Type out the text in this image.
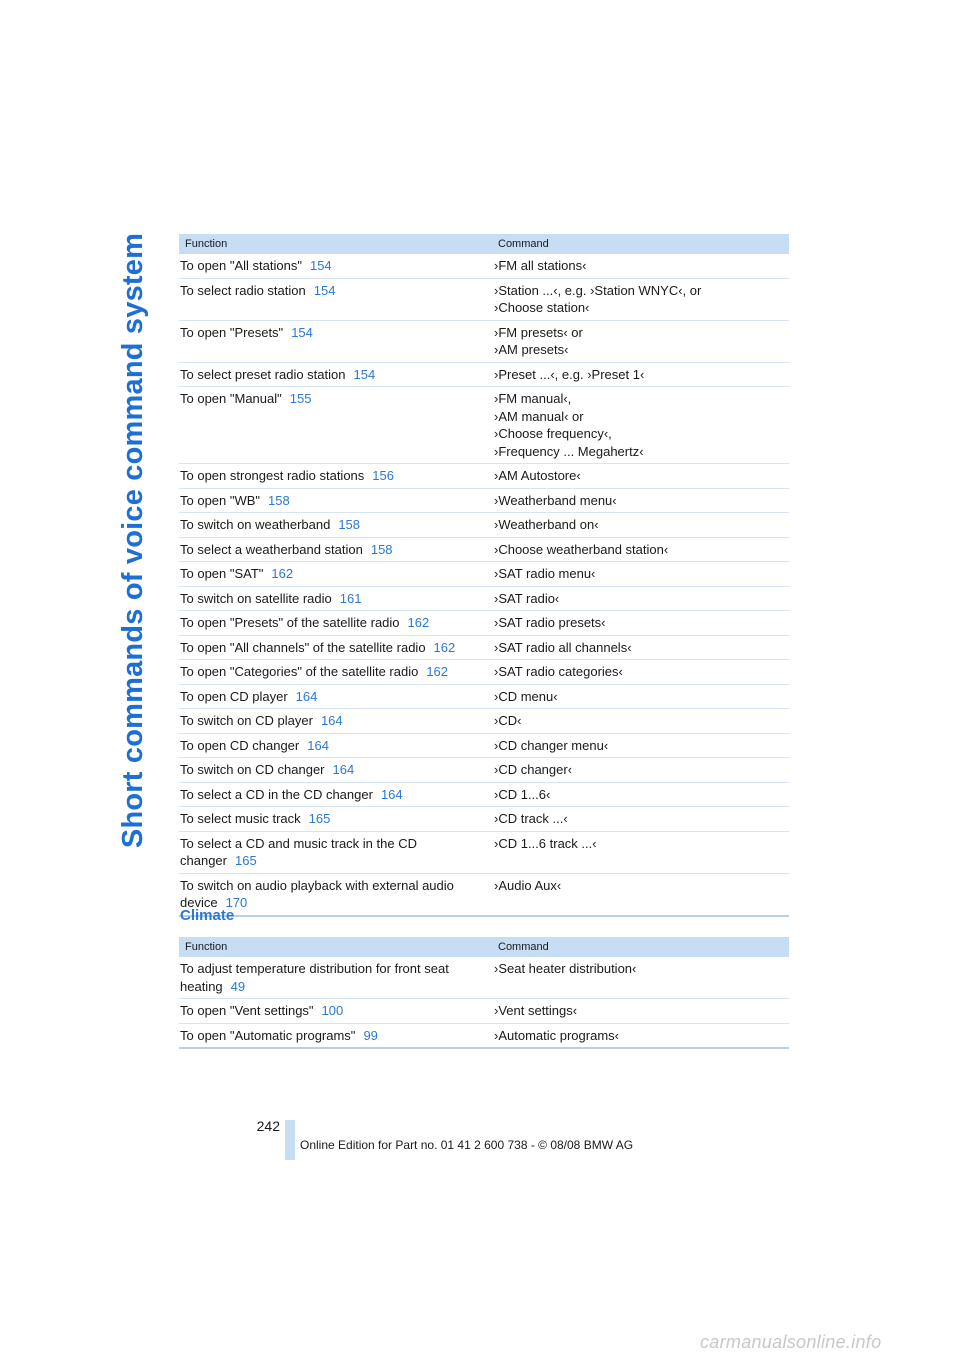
Short commands of voice command system	Function	Command
To open "All stations" 154	›FM all stations‹
To select radio station 154	›Station ...‹, e.g. ›Station WNYC‹, or
›Choose station‹
To open "Presets" 154	›FM presets‹ or
›AM presets‹
To select preset radio station 154	›Preset ...‹, e.g. ›Preset 1‹
To open "Manual" 155	›FM manual‹,
›AM manual‹ or
›Choose frequency‹,
›Frequency ... Megahertz‹
To open strongest radio stations 156	›AM Autostore‹
To open "WB" 158	›Weatherband menu‹
To switch on weatherband 158	›Weatherband on‹
To select a weatherband station 158	›Choose weatherband station‹
To open "SAT" 162	›SAT radio menu‹
To switch on satellite radio 161	›SAT radio‹
To open "Presets" of the satellite radio 162	›SAT radio presets‹
To open "All channels" of the satellite radio 162	›SAT radio all channels‹
To open "Categories" of the satellite radio 162	›SAT radio categories‹
To open CD player 164	›CD menu‹
To switch on CD player 164	›CD‹
To open CD changer 164	›CD changer menu‹
To switch on CD changer 164	›CD changer‹
To select a CD in the CD changer 164	›CD 1...6‹
To select music track 165	›CD track ...‹
To select a CD and music track in the CD
changer 165	›CD 1...6 track ...‹
To switch on audio playback with external audio
device 170	›Audio Aux‹
Climate
Function	Command
To adjust temperature distribution for front seat
heating 49	›Seat heater distribution‹
To open "Vent settings" 100	›Vent settings‹
To open "Automatic programs" 99	›Automatic programs‹
242
Online Edition for Part no. 01 41 2 600 738 - © 08/08 BMW AG
carmanualsonline.info
